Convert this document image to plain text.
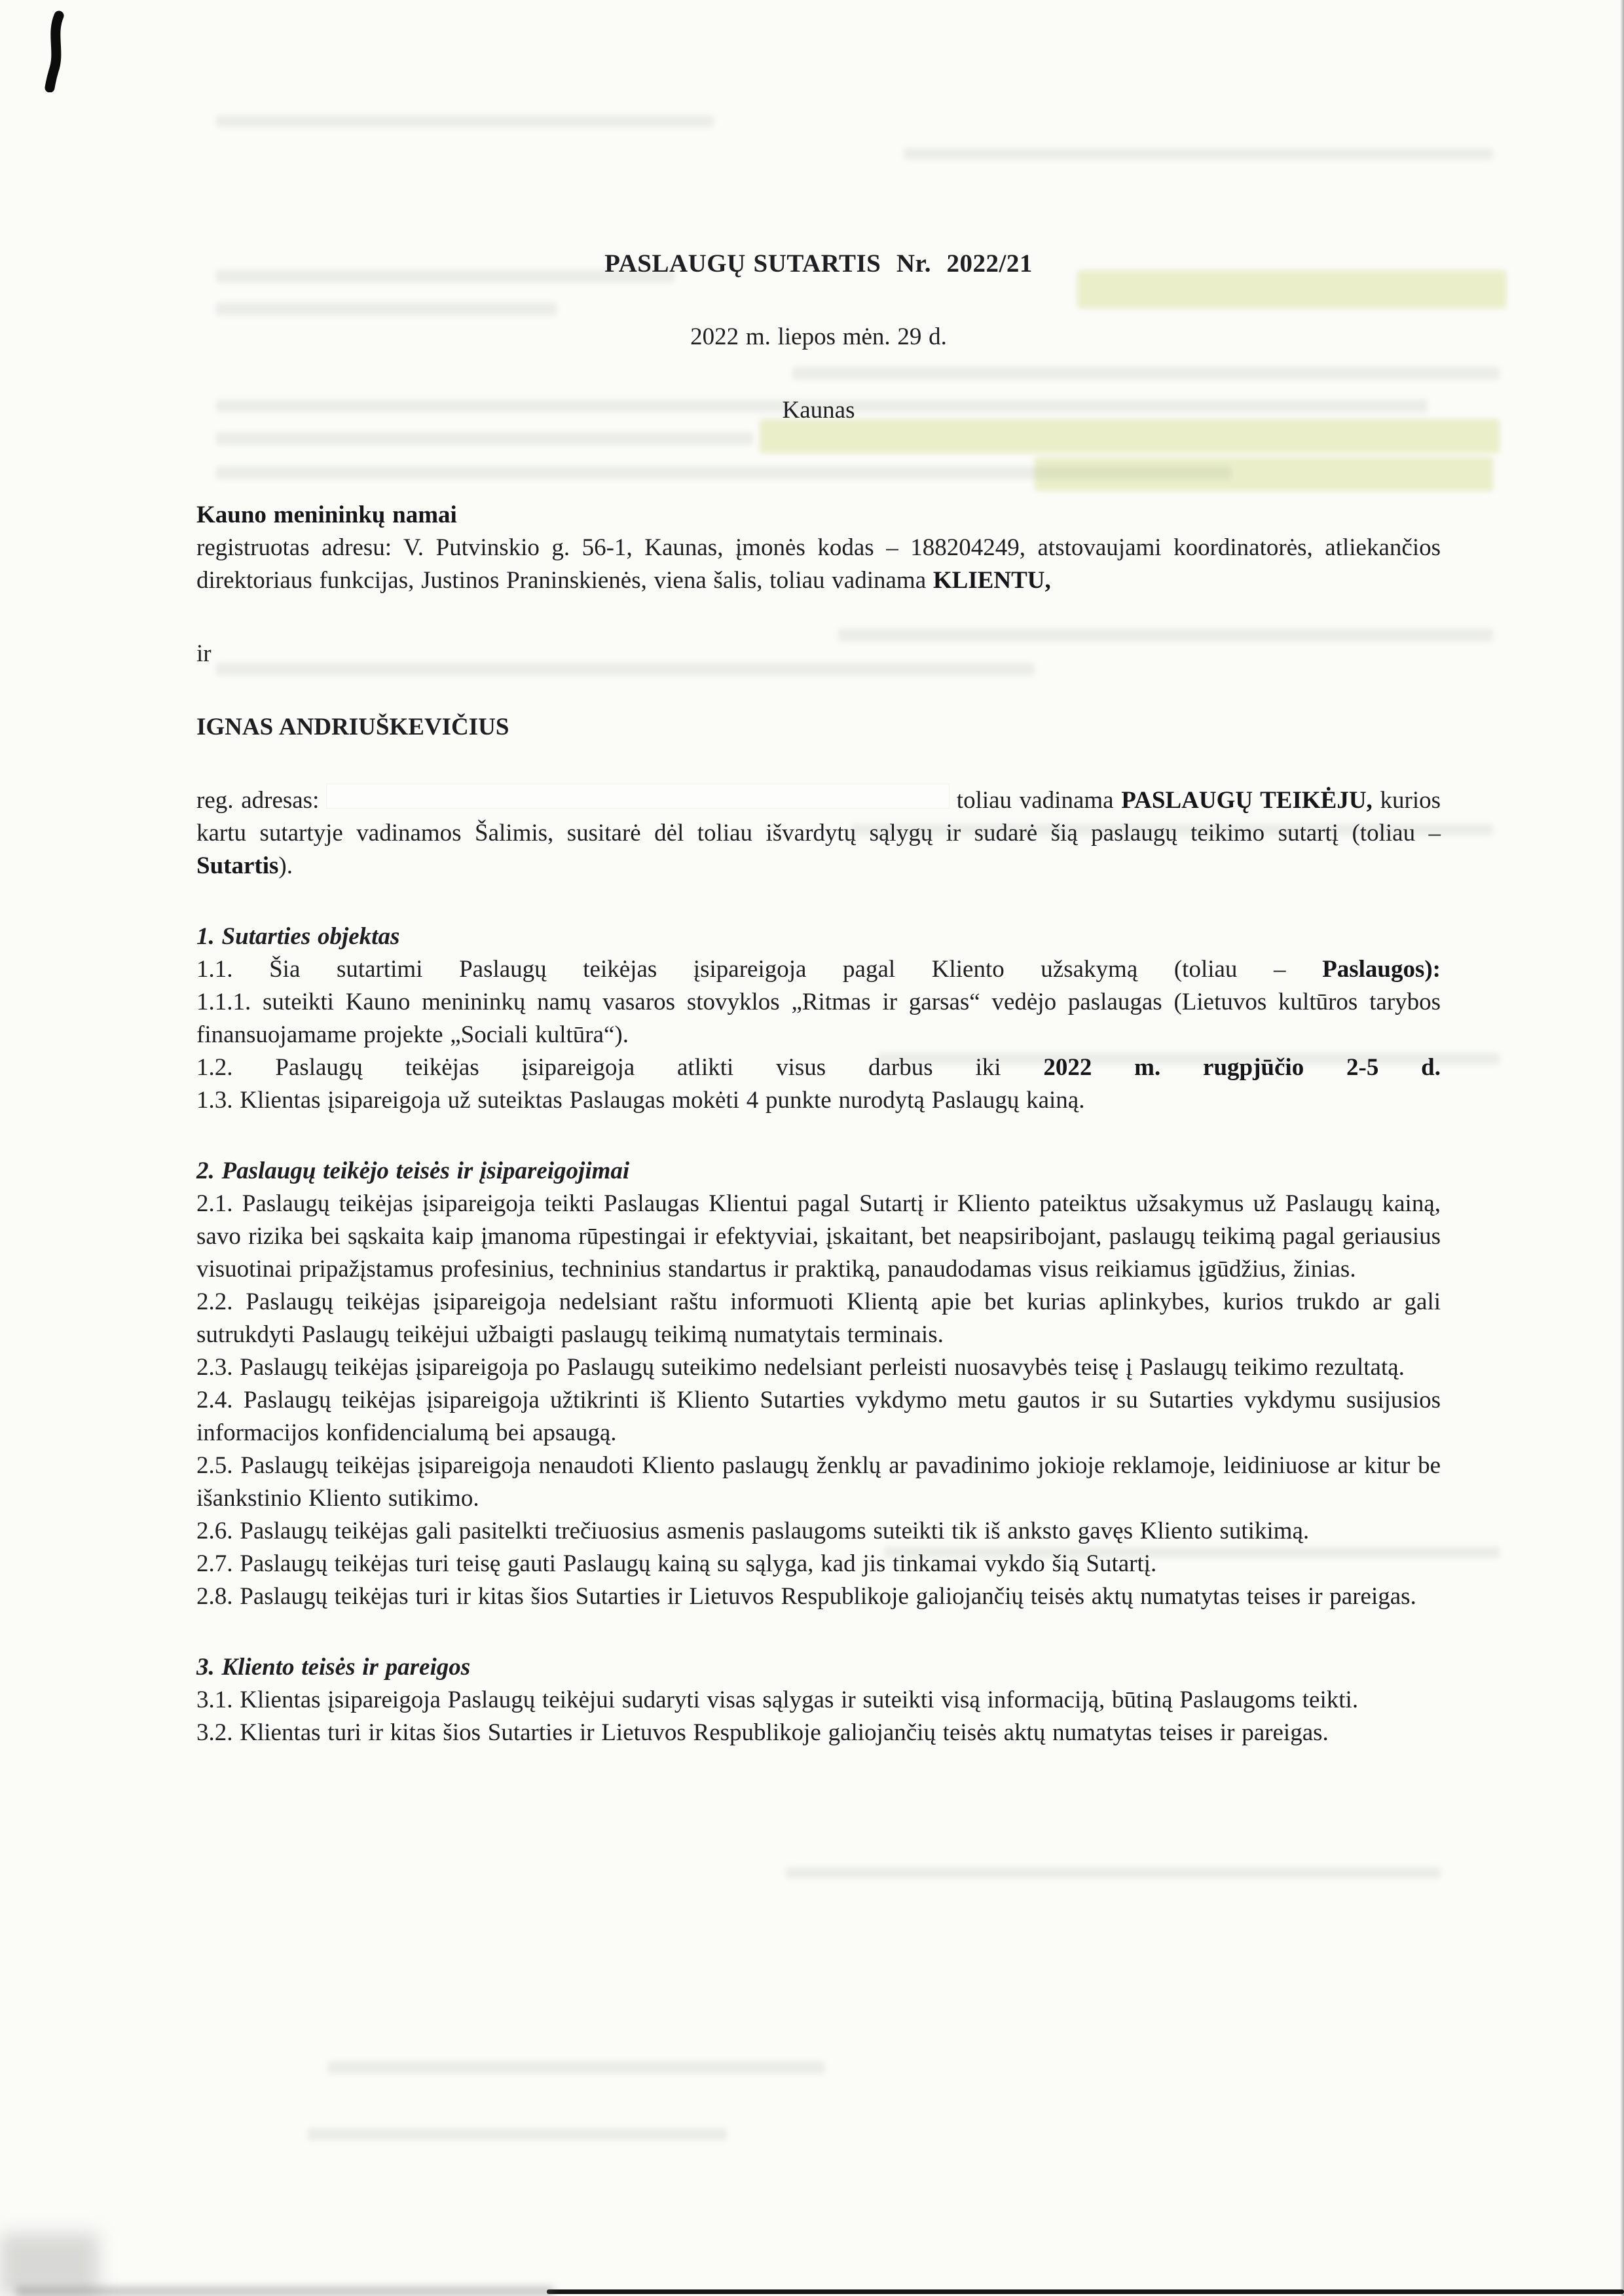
PASLAUGŲ SUTARTIS  Nr.  2022/21
2022 m. liepos mėn. 29 d.
Kaunas

Kauno menininkų namai
registruotas adresu: V. Putvinskio g. 56-1, Kaunas, įmonės kodas – 188204249, atstovaujami koordinatorės, atliekančios direktoriaus funkcijas, Justinos Praninskienės, viena šalis, toliau vadinama KLIENTU,

ir

IGNAS ANDRIUŠKEVIČIUS

reg. adresas:	toliau vadinama PASLAUGŲ TEIKĖJU, kurios kartu sutartyje vadinamos Šalimis, susitarė dėl toliau išvardytų sąlygų ir sudarė šią paslaugų teikimo sutartį (toliau – Sutartis).

1. Sutarties objektas

1.1. Šia sutartimi Paslaugų teikėjas įsipareigoja pagal Kliento užsakymą (toliau – Paslaugos):

1.1.1. suteikti Kauno menininkų namų vasaros stovyklos „Ritmas ir garsas“ vedėjo paslaugas (Lietuvos kultūros tarybos finansuojamame projekte „Sociali kultūra“).

1.2. Paslaugų teikėjas įsipareigoja atlikti visus darbus iki 2022 m. rugpjūčio 2-5 d.

1.3. Klientas įsipareigoja už suteiktas Paslaugas mokėti 4 punkte nurodytą Paslaugų kainą.

2. Paslaugų teikėjo teisės ir įsipareigojimai

2.1. Paslaugų teikėjas įsipareigoja teikti Paslaugas Klientui pagal Sutartį ir Kliento pateiktus užsakymus už Paslaugų kainą, savo rizika bei sąskaita kaip įmanoma rūpestingai ir efektyviai, įskaitant, bet neapsiribojant, paslaugų teikimą pagal geriausius visuotinai pripažįstamus profesinius, techninius standartus ir praktiką, panaudodamas visus reikiamus įgūdžius, žinias.

2.2. Paslaugų teikėjas įsipareigoja nedelsiant raštu informuoti Klientą apie bet kurias aplinkybes, kurios trukdo ar gali sutrukdyti Paslaugų teikėjui užbaigti paslaugų teikimą numatytais terminais.

2.3. Paslaugų teikėjas įsipareigoja po Paslaugų suteikimo nedelsiant perleisti nuosavybės teisę į Paslaugų teikimo rezultatą.

2.4. Paslaugų teikėjas įsipareigoja užtikrinti iš Kliento Sutarties vykdymo metu gautos ir su Sutarties vykdymu susijusios informacijos konfidencialumą bei apsaugą.

2.5. Paslaugų teikėjas įsipareigoja nenaudoti Kliento paslaugų ženklų ar pavadinimo jokioje reklamoje, leidiniuose ar kitur be išankstinio Kliento sutikimo.

2.6. Paslaugų teikėjas gali pasitelkti trečiuosius asmenis paslaugoms suteikti tik iš anksto gavęs Kliento sutikimą.

2.7. Paslaugų teikėjas turi teisę gauti Paslaugų kainą su sąlyga, kad jis tinkamai vykdo šią Sutartį.

2.8. Paslaugų teikėjas turi ir kitas šios Sutarties ir Lietuvos Respublikoje galiojančių teisės aktų numatytas teises ir pareigas.

3. Kliento teisės ir pareigos

3.1. Klientas įsipareigoja Paslaugų teikėjui sudaryti visas sąlygas ir suteikti visą informaciją, būtiną Paslaugoms teikti.

3.2. Klientas turi ir kitas šios Sutarties ir Lietuvos Respublikoje galiojančių teisės aktų numatytas teises ir pareigas.
